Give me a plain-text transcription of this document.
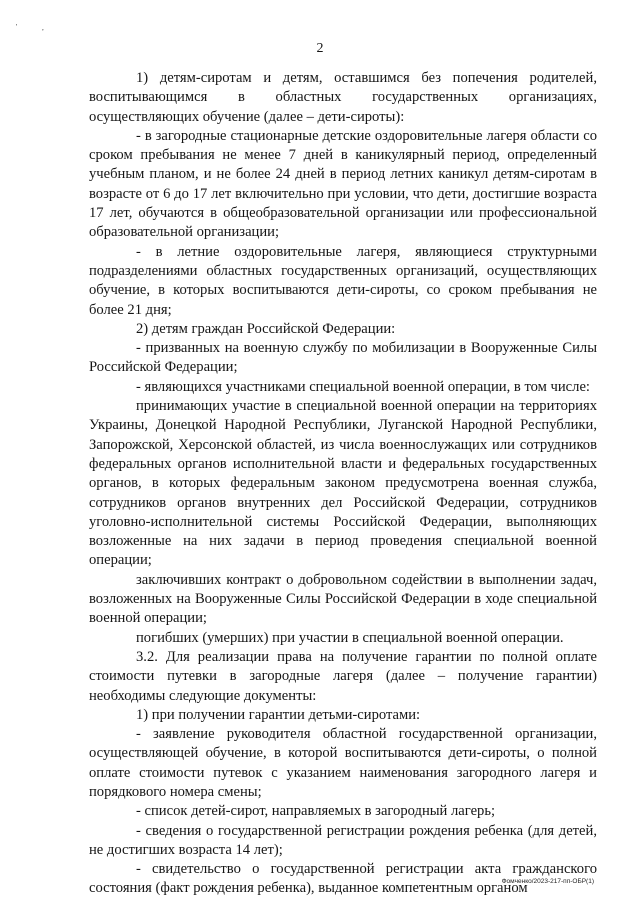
'	,
2

1) детям-сиротам и детям, оставшимся без попечения родителей, воспитывающимся в областных государственных организациях, осуществляющих обучение (далее – дети-сироты):

- в загородные стационарные детские оздоровительные лагеря области со сроком пребывания не менее 7 дней в каникулярный период, определенный учебным планом, и не более 24 дней в период летних каникул детям-сиротам в возрасте от 6 до 17 лет включительно при условии, что дети, достигшие возраста 17 лет, обучаются в общеобразовательной организации или профессиональной образовательной организации;

- в летние оздоровительные лагеря, являющиеся структурными подразделениями областных государственных организаций, осуществляющих обучение, в которых воспитываются дети-сироты, со сроком пребывания не более 21 дня;

2) детям граждан Российской Федерации:

- призванных на военную службу по мобилизации в Вооруженные Силы Российской Федерации;

- являющихся участниками специальной военной операции, в том числе:

принимающих участие в специальной военной операции на территориях Украины, Донецкой Народной Республики, Луганской Народной Республики, Запорожской, Херсонской областей, из числа военнослужащих или сотрудников федеральных органов исполнительной власти и федеральных государственных органов, в которых федеральным законом предусмотрена военная служба, сотрудников органов внутренних дел Российской Федерации, сотрудников уголовно-исполнительной системы Российской Федерации, выполняющих возложенные на них задачи в период проведения специальной военной операции;

заключивших контракт о добровольном содействии в выполнении задач, возложенных на Вооруженные Силы Российской Федерации в ходе специальной военной операции;

погибших (умерших) при участии в специальной военной операции.

3.2. Для реализации права на получение гарантии по полной оплате стоимости путевки в загородные лагеря (далее – получение гарантии) необходимы следующие документы:

1) при получении гарантии детьми-сиротами:

- заявление руководителя областной государственной организации, осуществляющей обучение, в которой воспитываются дети-сироты, о полной оплате стоимости путевок с указанием наименования загородного лагеря и порядкового номера смены;

- список детей-сирот, направляемых в загородный лагерь;

- сведения о государственной регистрации рождения ребенка (для детей, не достигших возраста 14 лет);

- свидетельство о государственной регистрации акта гражданского состояния (факт рождения ребенка), выданное компетентным органом

Фомченко/2023-217-пп-ОБР(1)
